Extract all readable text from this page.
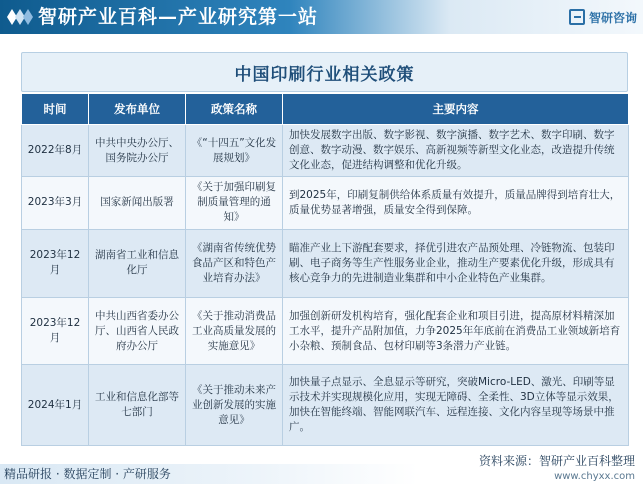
智研产业百科—产业研究第一站	智研咨询
中国印刷行业相关政策
时间	发布单位	政策名称	主要内容
2022年8月	中共中央办公厅、国务院办公厅	《“十四五”文化发展规划》	加快发展数字出版、数字影视、数字演播、数字艺术、数字印刷、数字创意、数字动漫、数字娱乐、高新视频等新型文化业态，改造提升传统文化业态，促进结构调整和优化升级。
2023年3月	国家新闻出版署	《关于加强印刷复制质量管理的通知》	到2025年，印刷复制供给体系质量有效提升，质量品牌得到培育壮大，质量优势显著增强，质量安全得到保障。
2023年12月	湖南省工业和信息化厅	《湖南省传统优势食品产区和特色产业培育办法》	瞄准产业上下游配套要求，择优引进农产品预处理、冷链物流、包装印刷、电子商务等生产性服务业企业，推动生产要素优化升级，形成具有核心竞争力的先进制造业集群和中小企业特色产业集群。
2023年12月	中共山西省委办公厅、山西省人民政府办公厅	《关于推动消费品工业高质量发展的实施意见》	加强创新研发机构培育，强化配套企业和项目引进，提高原材料精深加工水平，提升产品附加值，力争2025年年底前在消费品工业领域新培育小杂粮、预制食品、包材印刷等3条潜力产业链。
2024年1月	工业和信息化部等七部门	《关于推动未来产业创新发展的实施意见》	加快量子点显示、全息显示等研究，突破Micro-LED、激光、印刷等显示技术并实现规模化应用，实现无障碍、全柔性、3D立体等显示效果，加快在智能终端、智能网联汽车、远程连接、文化内容呈现等场景中推广。
资料来源：智研产业百科整理
精品研报 · 数据定制 · 产研服务	www.chyxx.com
